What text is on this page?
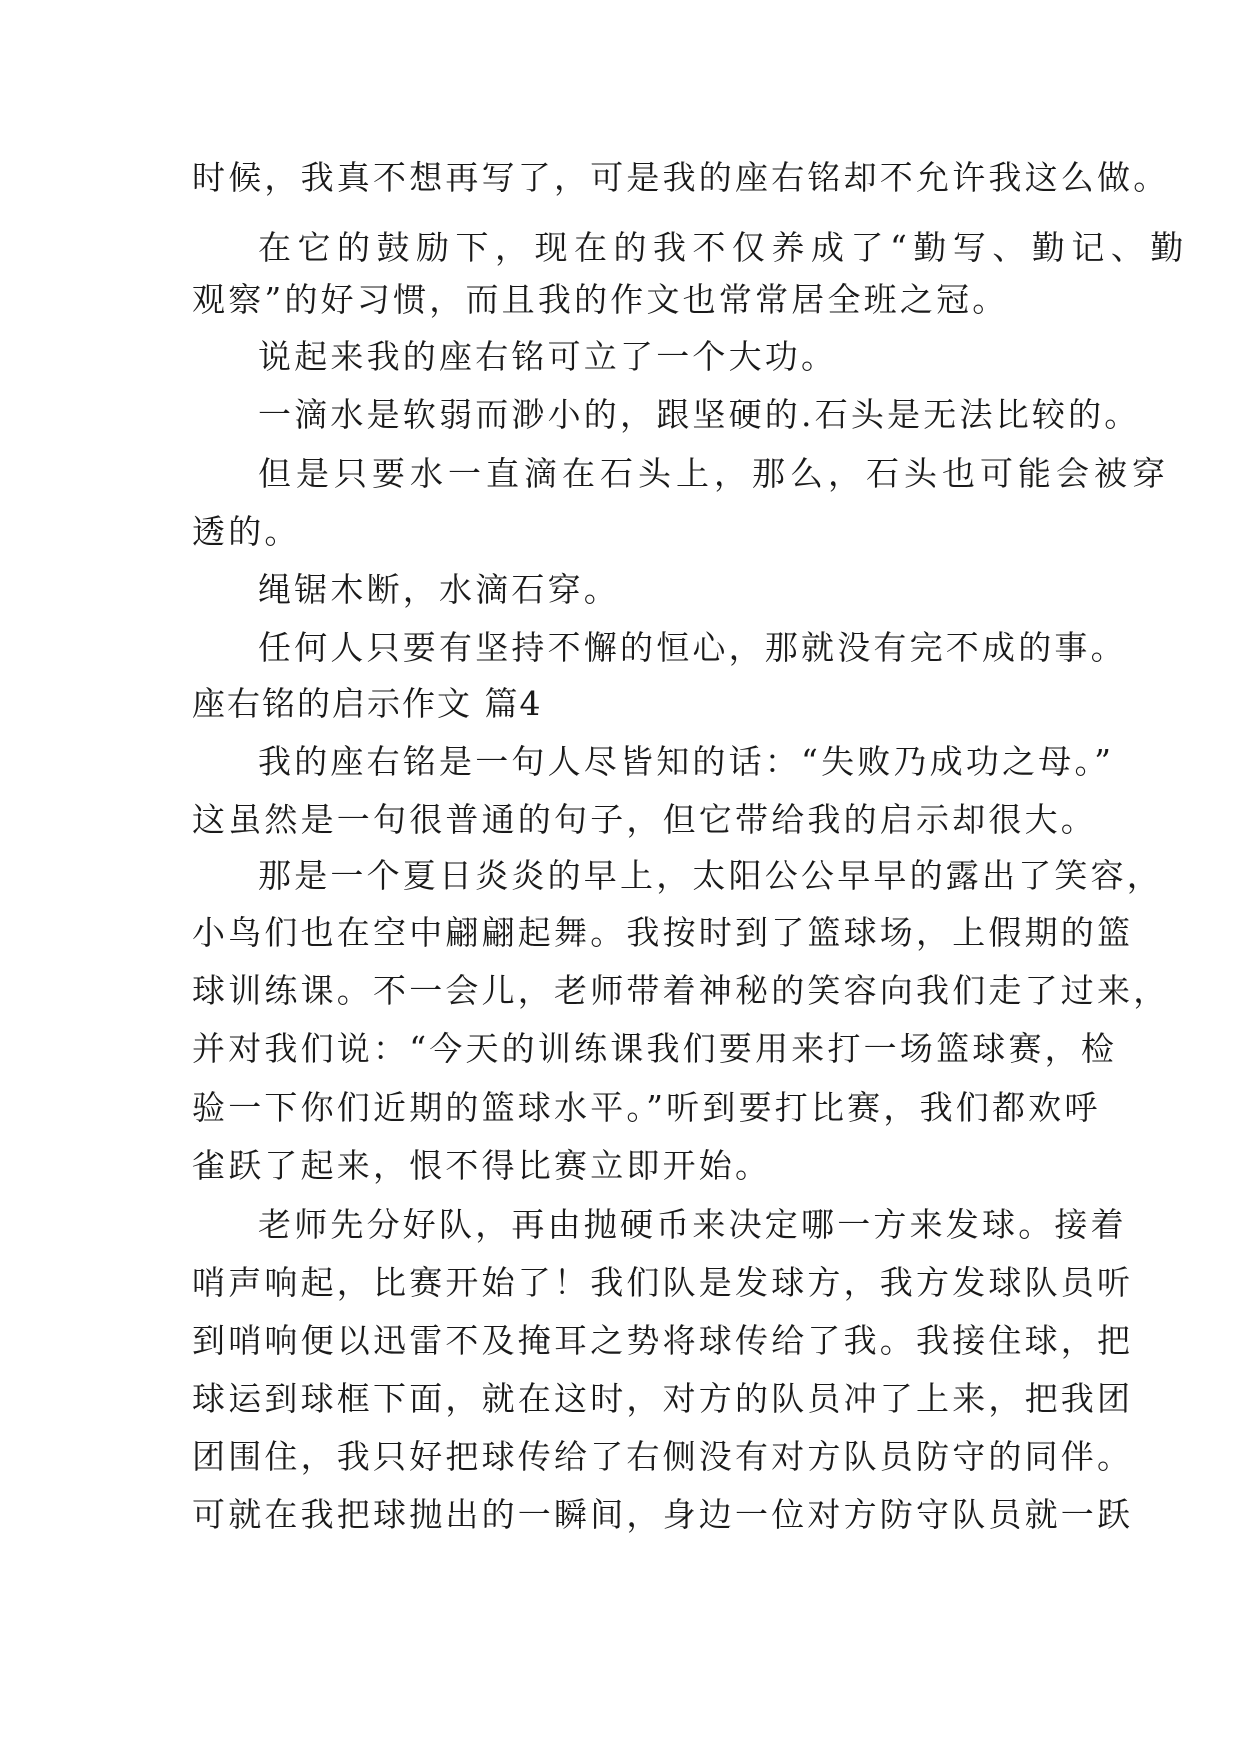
时候，我真不想再写了，可是我的座右铭却不允许我这么做。
在它的鼓励下，现在的我不仅养成了“勤写、勤记、勤
观察”的好习惯，而且我的作文也常常居全班之冠。
说起来我的座右铭可立了一个大功。
一滴水是软弱而渺小的，跟坚硬的.石头是无法比较的。
但是只要水一直滴在石头上，那么，石头也可能会被穿
透的。
绳锯木断，水滴石穿。
任何人只要有坚持不懈的恒心，那就没有完不成的事。
座右铭的启示作文 篇4
我的座右铭是一句人尽皆知的话：“失败乃成功之母。”
这虽然是一句很普通的句子，但它带给我的启示却很大。
那是一个夏日炎炎的早上，太阳公公早早的露出了笑容，
小鸟们也在空中翩翩起舞。我按时到了篮球场，上假期的篮
球训练课。不一会儿，老师带着神秘的笑容向我们走了过来，
并对我们说：“今天的训练课我们要用来打一场篮球赛，检
验一下你们近期的篮球水平。”听到要打比赛，我们都欢呼
雀跃了起来，恨不得比赛立即开始。
老师先分好队，再由抛硬币来决定哪一方来发球。接着
哨声响起，比赛开始了！我们队是发球方，我方发球队员听
到哨响便以迅雷不及掩耳之势将球传给了我。我接住球，把
球运到球框下面，就在这时，对方的队员冲了上来，把我团
团围住，我只好把球传给了右侧没有对方队员防守的同伴。
可就在我把球抛出的一瞬间，身边一位对方防守队员就一跃
